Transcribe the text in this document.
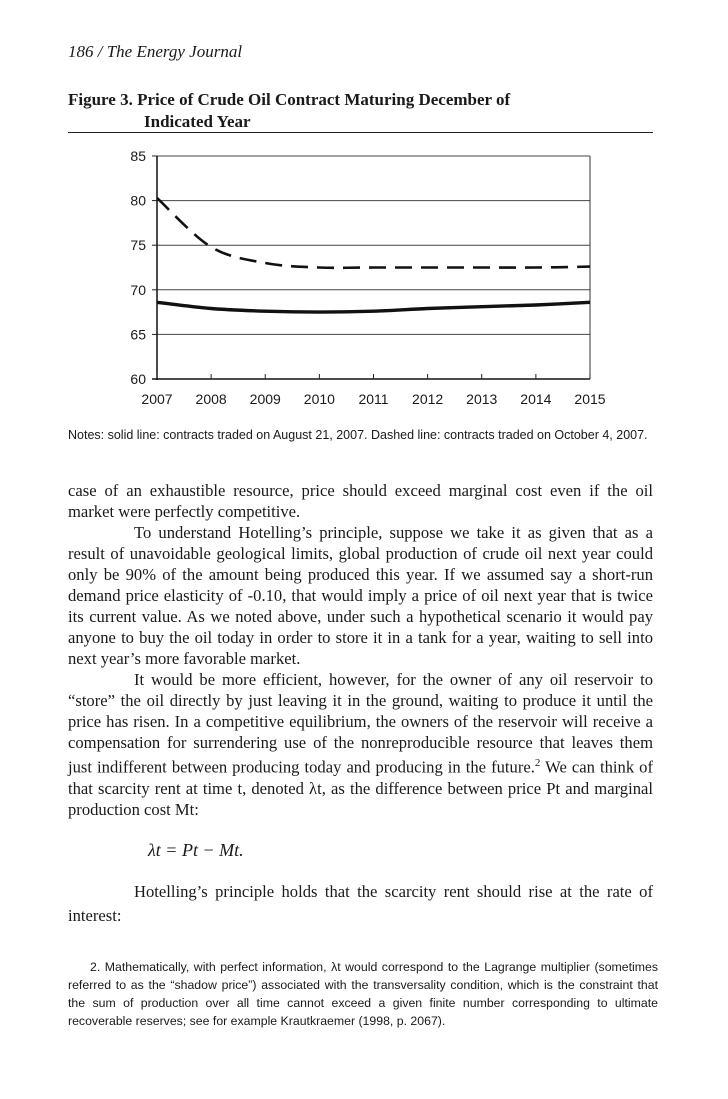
186 / The Energy Journal
Figure 3. Price of Crude Oil Contract Maturing December of
Indicated Year
85
80
75
70
65
60
2007 2008 2009 2010 2011 2012 2013 2014 2015
Notes: solid line: contracts traded on August 21, 2007. Dashed line: contracts traded on October 4, 2007.

case of an exhaustible resource, price should exceed marginal cost even if the oil market were perfectly competitive.

To understand Hotelling’s principle, suppose we take it as given that as a result of unavoidable geological limits, global production of crude oil next year could only be 90% of the amount being produced this year. If we assumed say a short-run demand price elasticity of -0.10, that would imply a price of oil next year that is twice its current value. As we noted above, under such a hypothetical scenario it would pay anyone to buy the oil today in order to store it in a tank for a year, waiting to sell into next year’s more favorable market.

It would be more efficient, however, for the owner of any oil reservoir to “store” the oil directly by just leaving it in the ground, waiting to produce it until the price has risen. In a competitive equilibrium, the owners of the reservoir will receive a compensation for surrendering use of the nonreproducible resource that leaves them just indifferent between producing today and producing in the future.$^2$ We can think of that scarcity rent at time t, denoted λt, as the difference between price Pt and marginal production cost Mt:

λt = Pt − Mt.

Hotelling’s principle holds that the scarcity rent should rise at the rate of interest:

2. Mathematically, with perfect information, λt would correspond to the Lagrange multiplier (sometimes referred to as the “shadow price”) associated with the transversality condition, which is the constraint that the sum of production over all time cannot exceed a given finite number corresponding to ultimate recoverable reserves; see for example Krautkraemer (1998, p. 2067).
